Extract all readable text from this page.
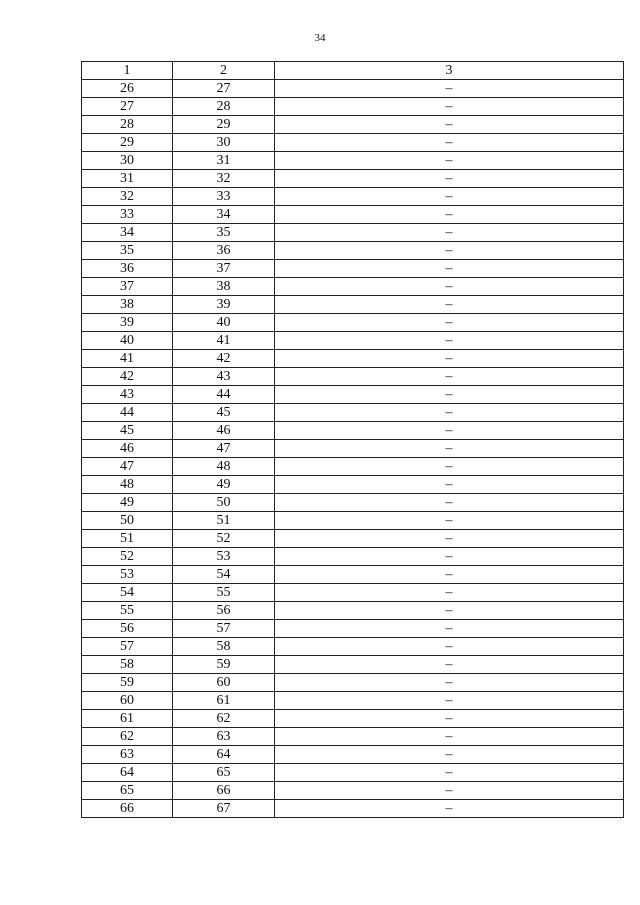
34
1	2	3
26	27	–
27	28	–
28	29	–
29	30	–
30	31	–
31	32	–
32	33	–
33	34	–
34	35	–
35	36	–
36	37	–
37	38	–
38	39	–
39	40	–
40	41	–
41	42	–
42	43	–
43	44	–
44	45	–
45	46	–
46	47	–
47	48	–
48	49	–
49	50	–
50	51	–
51	52	–
52	53	–
53	54	–
54	55	–
55	56	–
56	57	–
57	58	–
58	59	–
59	60	–
60	61	–
61	62	–
62	63	–
63	64	–
64	65	–
65	66	–
66	67	–
